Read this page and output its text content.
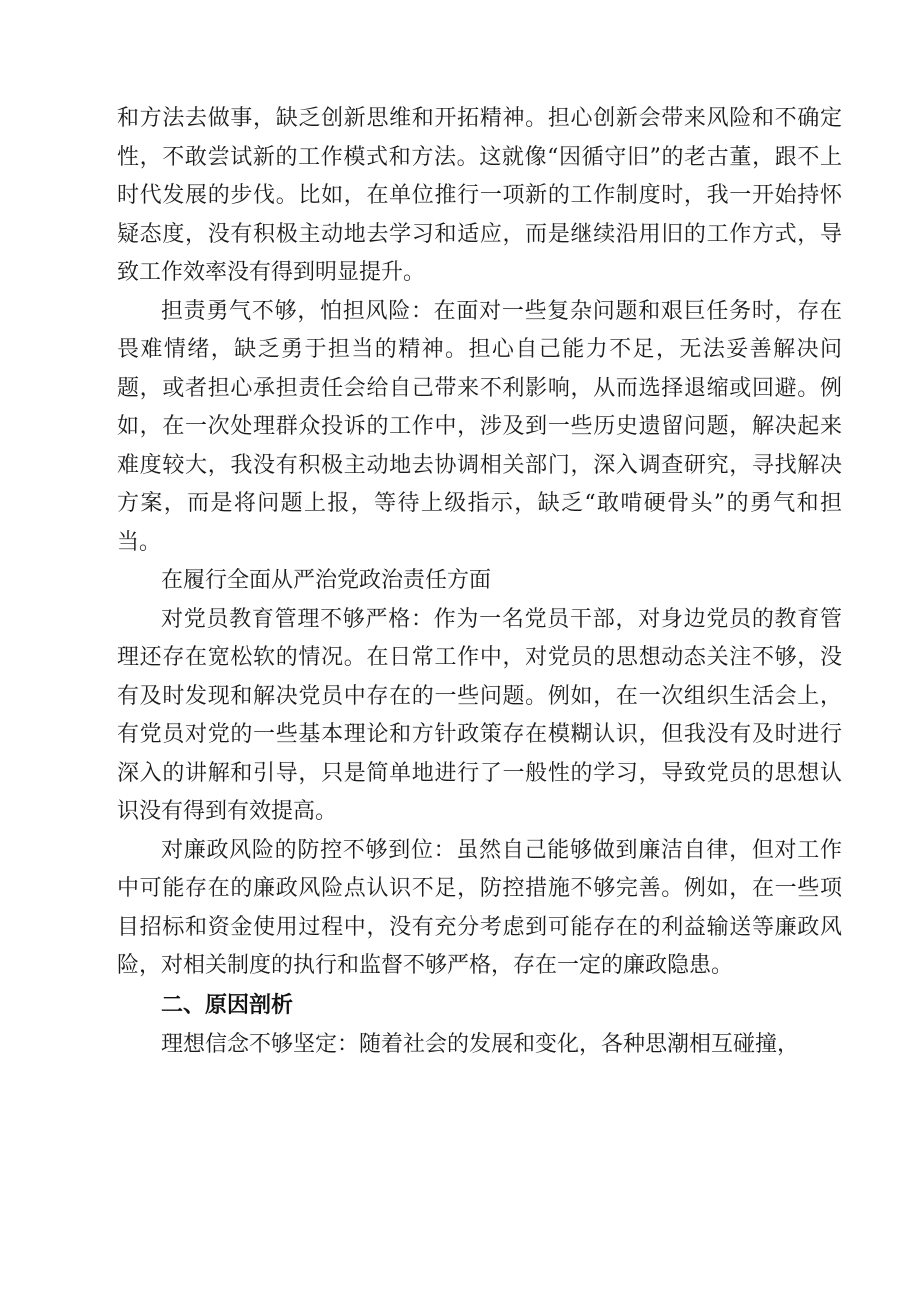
和方法去做事，缺乏创新思维和开拓精神。担心创新会带来风险和不确定性，不敢尝试新的工作模式和方法。这就像“因循守旧”的老古董，跟不上时代发展的步伐。比如，在单位推行一项新的工作制度时，我一开始持怀疑态度，没有积极主动地去学习和适应，而是继续沿用旧的工作方式，导致工作效率没有得到明显提升。

担责勇气不够，怕担风险：在面对一些复杂问题和艰巨任务时，存在畏难情绪，缺乏勇于担当的精神。担心自己能力不足，无法妥善解决问题，或者担心承担责任会给自己带来不利影响，从而选择退缩或回避。例如，在一次处理群众投诉的工作中，涉及到一些历史遗留问题，解决起来难度较大，我没有积极主动地去协调相关部门，深入调查研究，寻找解决方案，而是将问题上报，等待上级指示，缺乏“敢啃硬骨头”的勇气和担当。

在履行全面从严治党政治责任方面

对党员教育管理不够严格：作为一名党员干部，对身边党员的教育管理还存在宽松软的情况。在日常工作中，对党员的思想动态关注不够，没有及时发现和解决党员中存在的一些问题。例如，在一次组织生活会上，有党员对党的一些基本理论和方针政策存在模糊认识，但我没有及时进行深入的讲解和引导，只是简单地进行了一般性的学习，导致党员的思想认识没有得到有效提高。

对廉政风险的防控不够到位：虽然自己能够做到廉洁自律，但对工作中可能存在的廉政风险点认识不足，防控措施不够完善。例如，在一些项目招标和资金使用过程中，没有充分考虑到可能存在的利益输送等廉政风险，对相关制度的执行和监督不够严格，存在一定的廉政隐患。

二、原因剖析

理想信念不够坚定：随着社会的发展和变化，各种思潮相互碰撞，
